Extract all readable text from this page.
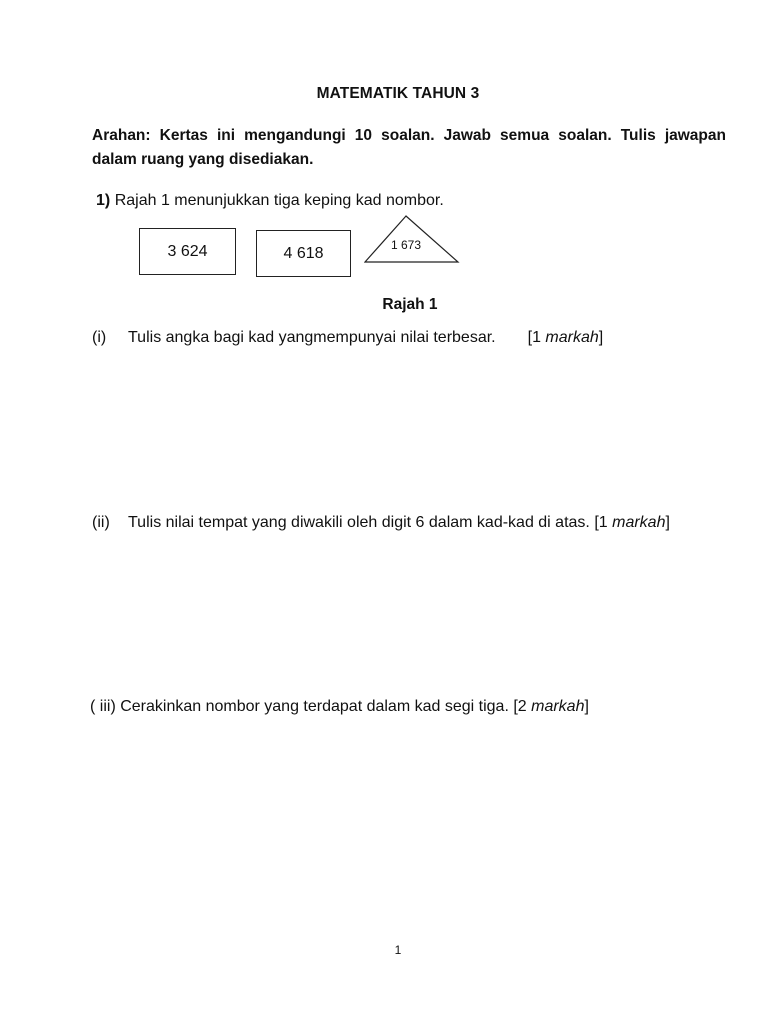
MATEMATIK TAHUN 3
Arahan: Kertas ini mengandungi 10 soalan. Jawab semua soalan. Tulis jawapan dalam ruang yang disediakan.
1) Rajah 1 menunjukkan tiga keping kad nombor.
3 624	4 618	1 673
Rajah 1
(i) Tulis angka bagi kad yangmempunyai nilai terbesar. [1 markah]
(ii) Tulis nilai tempat yang diwakili oleh digit 6 dalam kad-kad di atas. [1 markah]
( iii) Cerakinkan nombor yang terdapat dalam kad segi tiga. [2 markah]
1
